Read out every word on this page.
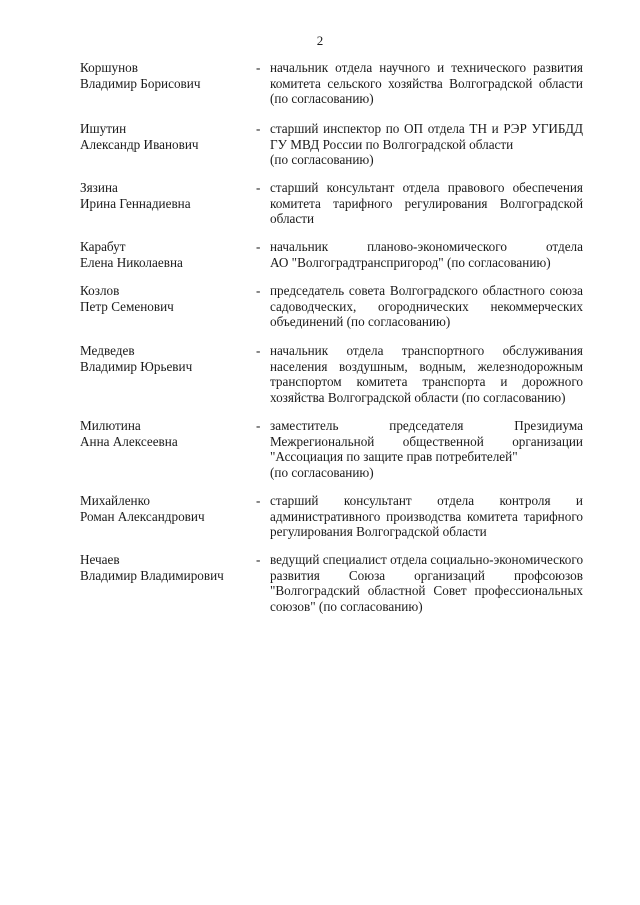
2
Коршунов
Владимир Борисович
- начальник отдела научного и технического развития
комитета сельского хозяйства Волгоградской области
(по согласованию)
Ишутин
Александр Иванович
- старший инспектор по ОП отдела ТН и РЭР УГИБДД
ГУ МВД России по Волгоградской области
(по согласованию)
Зязина
Ирина Геннадиевна
- старший консультант отдела правового обеспечения
комитета тарифного регулирования Волгоградской
области
Карабут
Елена Николаевна
- начальник планово-экономического отдела
АО "Волгоградтранспригород" (по согласованию)
Козлов
Петр Семенович
- председатель совета Волгоградского областного союза
садоводческих, огороднических некоммерческих
объединений (по согласованию)
Медведев
Владимир Юрьевич
- начальник отдела транспортного обслуживания
населения воздушным, водным, железнодорожным
транспортом комитета транспорта и дорожного
хозяйства Волгоградской области (по согласованию)
Милютина
Анна Алексеевна
- заместитель председателя Президиума
Межрегиональной общественной организации
"Ассоциация по защите прав потребителей"
(по согласованию)
Михайленко
Роман Александрович
- старший консультант отдела контроля и
административного производства комитета тарифного
регулирования Волгоградской области
Нечаев
Владимир Владимирович
- ведущий специалист отдела социально-экономического
развития Союза организаций профсоюзов
"Волгоградский областной Совет профессиональных
союзов" (по согласованию)
